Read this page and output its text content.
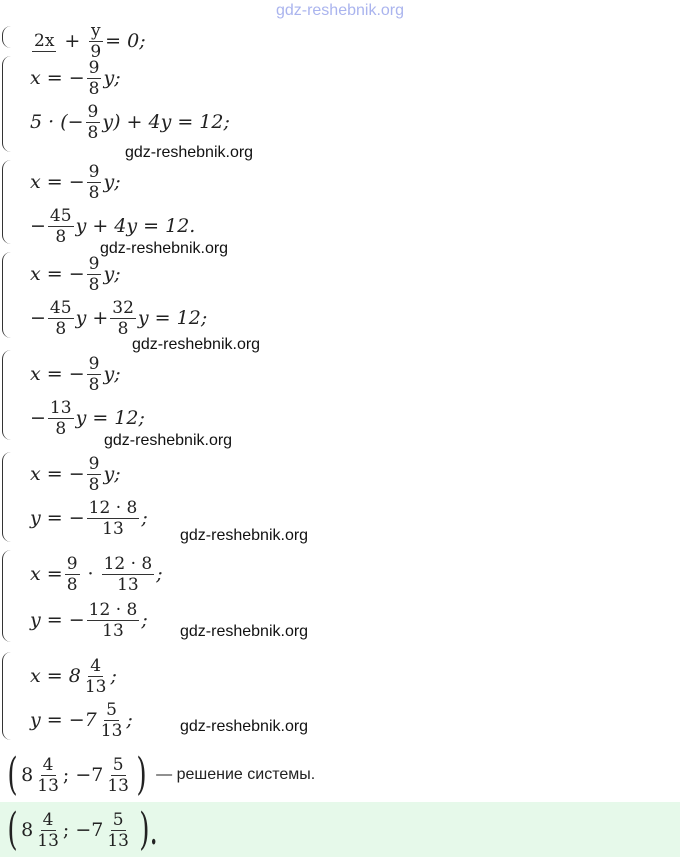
gdz-reshebnik.org
$2x + \frac{y}{9} = 0$;
x = − $\frac{9}{8} y$;
5 · (− $\frac{9}{8} y) + 4y = 12$;
gdz-reshebnik.org
x = − $\frac{9}{8} y$;
− $\frac{45}{8}$ y + 4y = 12.
gdz-reshebnik.org
x = − $\frac{9}{8} y$;
− $\frac{45}{8}$ $y + \frac{32}{8}$ y = 12;
gdz-reshebnik.org
x = − $\frac{9}{8} y$;
− $\frac{13}{8}$ y = 12;
gdz-reshebnik.org
x = − $\frac{9}{8} y$;
y = − $\frac{12 \cdot 8}{13}$ ;
gdz-reshebnik.org
$x = \frac{9}{8} \cdot \frac{12 \cdot 8}{13}$ ;
y = − $\frac{12 \cdot 8}{13}$ ;
gdz-reshebnik.org
$x = 8 \frac{4}{13}$ ;
$y = -7 \frac{5}{13}$ ;	gdz-reshebnik.org
( $8 \frac{4}{13}$ ; $-7 \frac{5}{13}$ ) — решение системы.
( $8 \frac{4}{13}$ ; $-7 \frac{5}{13}$ ).
